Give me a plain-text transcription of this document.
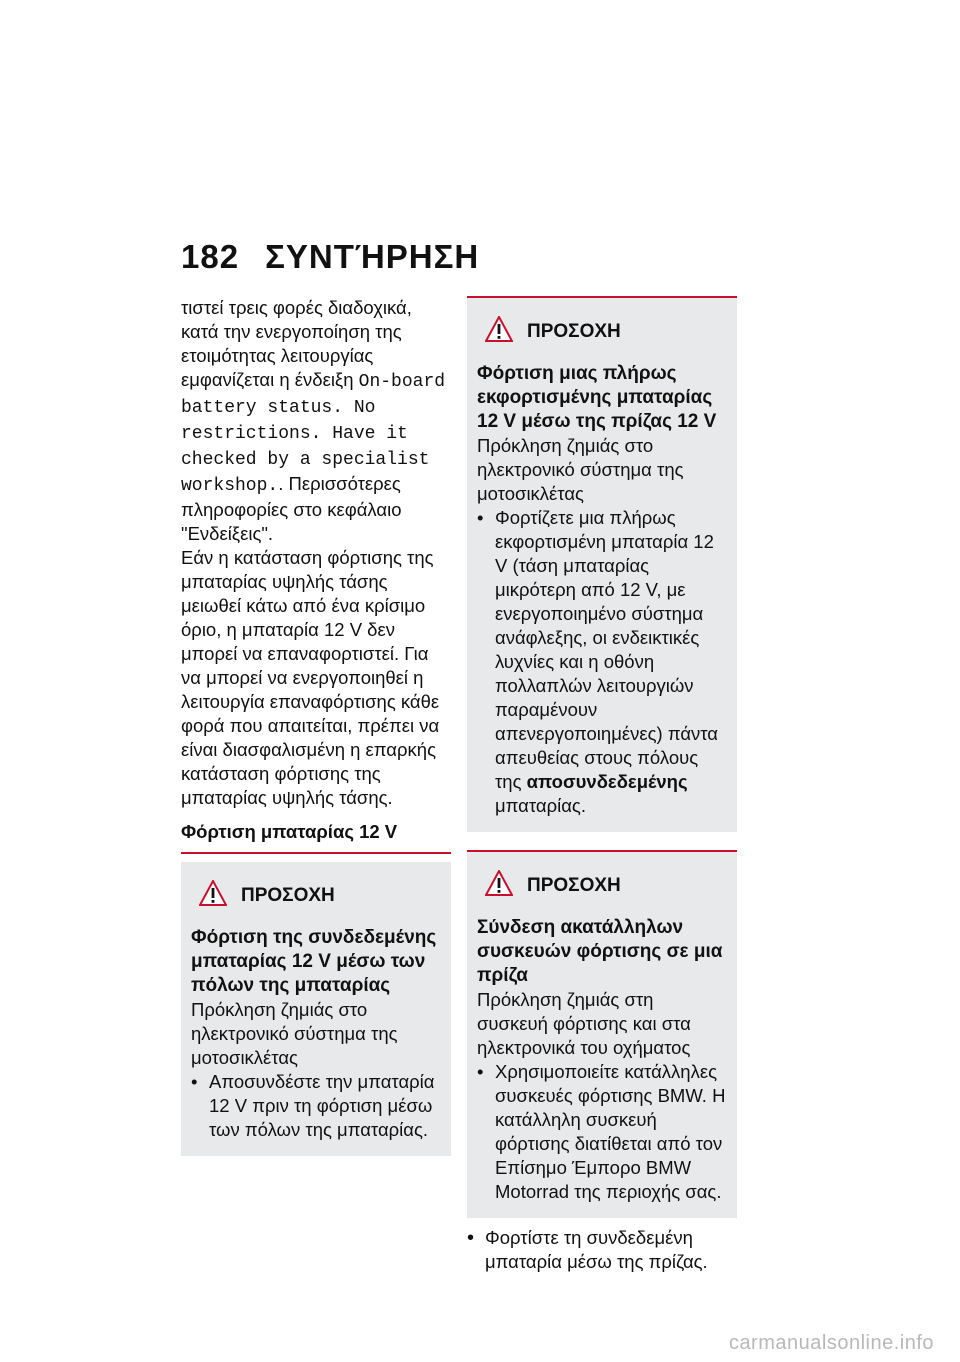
182 ΣΥΝΤΉΡΗΣΗ

τιστεί τρεις φορές διαδοχικά, κατά την ενεργοποίηση της ετοιμότητας λειτουργίας εμφανίζεται η ένδειξη On-board battery status. No restrictions. Have it checked by a specialist workshop.. Περισσότερες πληροφορίες στο κεφάλαιο "Ενδείξεις".

Εάν η κατάσταση φόρτισης της μπαταρίας υψηλής τάσης μειωθεί κάτω από ένα κρίσιμο όριο, η μπαταρία 12 V δεν μπορεί να επαναφορτιστεί. Για να μπορεί να ενεργοποιηθεί η λειτουργία επαναφόρτισης κάθε φορά που απαιτείται, πρέπει να είναι διασφαλισμένη η επαρκής κατάσταση φόρτισης της μπαταρίας υψηλής τάσης.

Φόρτιση μπαταρίας 12 V

ΠΡΟΣΟΧΗ

Φόρτιση της συνδεδεμένης μπαταρίας 12 V μέσω των πόλων της μπαταρίας

Πρόκληση ζημιάς στο ηλεκτρονικό σύστημα της μοτοσικλέτας

• Αποσυνδέστε την μπαταρία 12 V πριν τη φόρτιση μέσω των πόλων της μπαταρίας.

ΠΡΟΣΟΧΗ

Φόρτιση μιας πλήρως εκφορτισμένης μπαταρίας 12 V μέσω της πρίζας 12 V

Πρόκληση ζημιάς στο ηλεκτρονικό σύστημα της μοτοσικλέτας

• Φορτίζετε μια πλήρως εκφορτισμένη μπαταρία 12 V (τάση μπαταρίας μικρότερη από 12 V, με ενεργοποιημένο σύστημα ανάφλεξης, οι ενδεικτικές λυχνίες και η οθόνη πολλαπλών λειτουργιών παραμένουν απενεργοποιημένες) πάντα απευθείας στους πόλους της αποσυνδεδεμένης μπαταρίας.

ΠΡΟΣΟΧΗ

Σύνδεση ακατάλληλων συσκευών φόρτισης σε μια πρίζα

Πρόκληση ζημιάς στη συσκευή φόρτισης και στα ηλεκτρονικά του οχήματος

• Χρησιμοποιείτε κατάλληλες συσκευές φόρτισης BMW. Η κατάλληλη συσκευή φόρτισης διατίθεται από τον Επίσημο Έμπορο BMW Motorrad της περιοχής σας.

• Φορτίστε τη συνδεδεμένη μπαταρία μέσω της πρίζας.

carmanualsonline.info
